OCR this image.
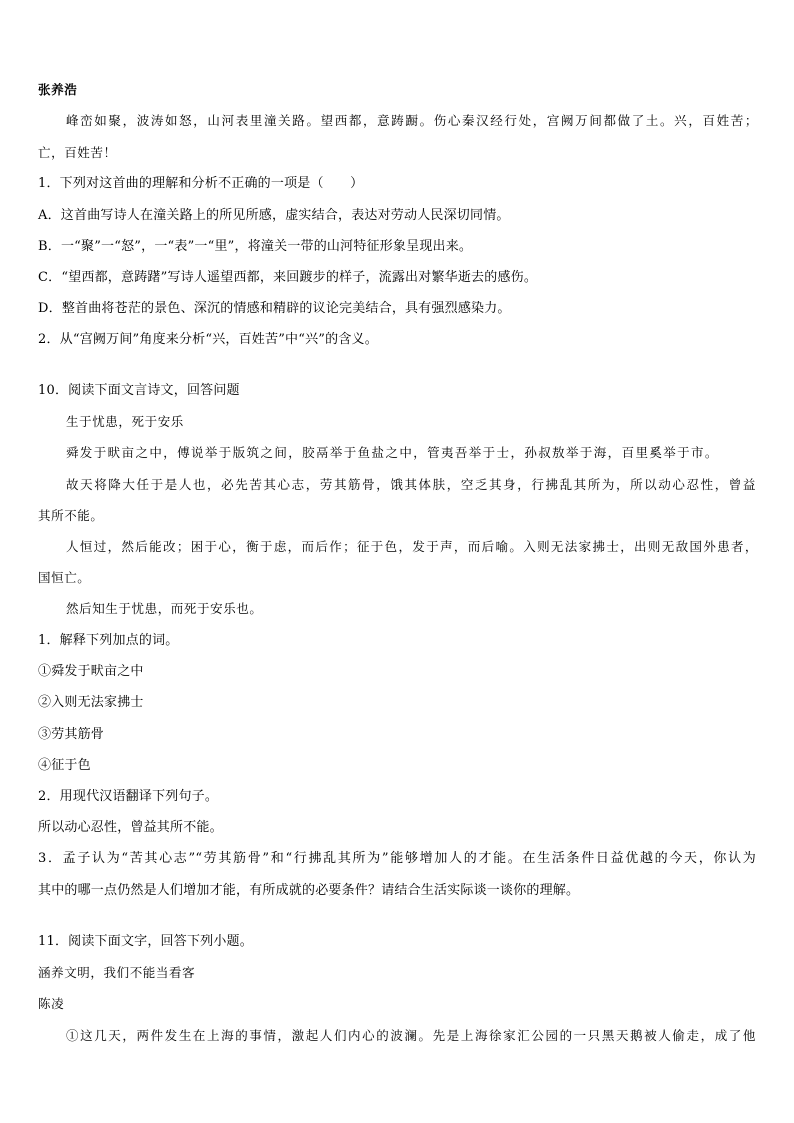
张养浩
峰峦如聚，波涛如怒，山河表里潼关路。望西都，意踌蹰。伤心秦汉经行处，宫阙万间都做了土。兴，百姓苦；
亡，百姓苦！
1．下列对这首曲的理解和分析不正确的一项是（　　）
A．这首曲写诗人在潼关路上的所见所感，虚实结合，表达对劳动人民深切同情。
B．一“聚”一“怒”，一“表”一“里”，将潼关一带的山河特征形象呈现出来。
C．“望西都，意踌躇”写诗人遥望西都，来回踱步的样子，流露出对繁华逝去的感伤。
D．整首曲将苍茫的景色、深沉的情感和精辟的议论完美结合，具有强烈感染力。
2．从“宫阙万间”角度来分析“兴，百姓苦”中“兴”的含义。
10．阅读下面文言诗文，回答问题
生于忧患，死于安乐
舜发于畎亩之中，傅说举于版筑之间，胶鬲举于鱼盐之中，管夷吾举于士，孙叔敖举于海，百里奚举于市。
故天将降大任于是人也，必先苦其心志，劳其筋骨，饿其体肤，空乏其身，行拂乱其所为，所以动心忍性，曾益
其所不能。
人恒过，然后能改；困于心，衡于虑，而后作；征于色，发于声，而后喻。入则无法家拂士，出则无敌国外患者，
国恒亡。
然后知生于忧患，而死于安乐也。
1．解释下列加点的词。
①舜发于畎亩之中
②入则无法家拂士
③劳其筋骨
④征于色
2．用现代汉语翻译下列句子。
所以动心忍性，曾益其所不能。
3．孟子认为“苦其心志”“劳其筋骨”和“行拂乱其所为”能够增加人的才能。在生活条件日益优越的今天，你认为
其中的哪一点仍然是人们增加才能，有所成就的必要条件？请结合生活实际谈一谈你的理解。
11．阅读下面文字，回答下列小题。
涵养文明，我们不能当看客
陈凌
①这几天，两件发生在上海的事情，激起人们内心的波澜。先是上海徐家汇公园的一只黑天鹅被人偷走，成了他
